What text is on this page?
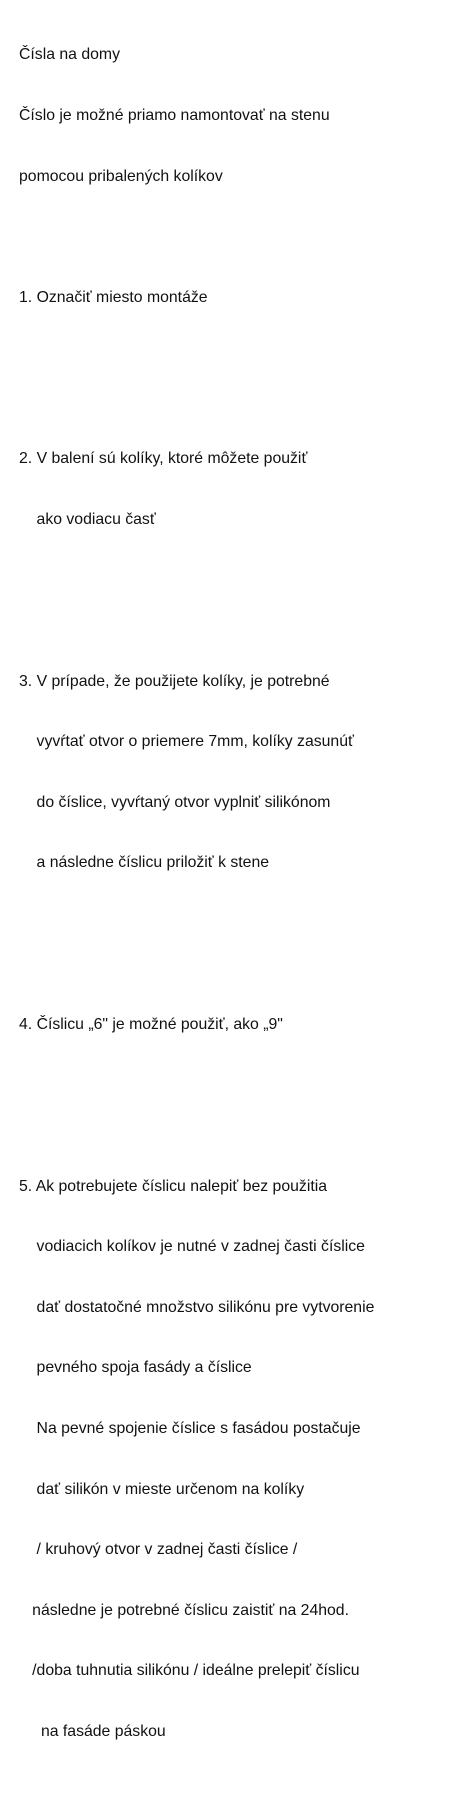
Čísla na domy

Číslo je možné priamo namontovať na stenu

pomocou pribalených kolíkov

1. Označiť miesto montáže

2. V balení sú kolíky, ktoré môžete použiť

ako vodiacu časť

3. V prípade, že použijete kolíky, je potrebné

vyvŕtať otvor o priemere 7mm, kolíky zasunúť

do číslice, vyvŕtaný otvor vyplniť silikónom

a následne číslicu priložiť k stene

4. Číslicu „6" je možné použiť, ako „9"

5. Ak potrebujete číslicu nalepiť bez použitia

vodiacich kolíkov je nutné v zadnej časti číslice

dať dostatočné množstvo silikónu pre vytvorenie

pevného spoja fasády a číslice

Na pevné spojenie číslice s fasádou postačuje

dať silikón v mieste určenom na kolíky

/ kruhový otvor v zadnej časti číslice /

následne je potrebné číslicu zaistiť na 24hod.

/doba tuhnutia silikónu / ideálne prelepiť číslicu

na fasáde páskou
